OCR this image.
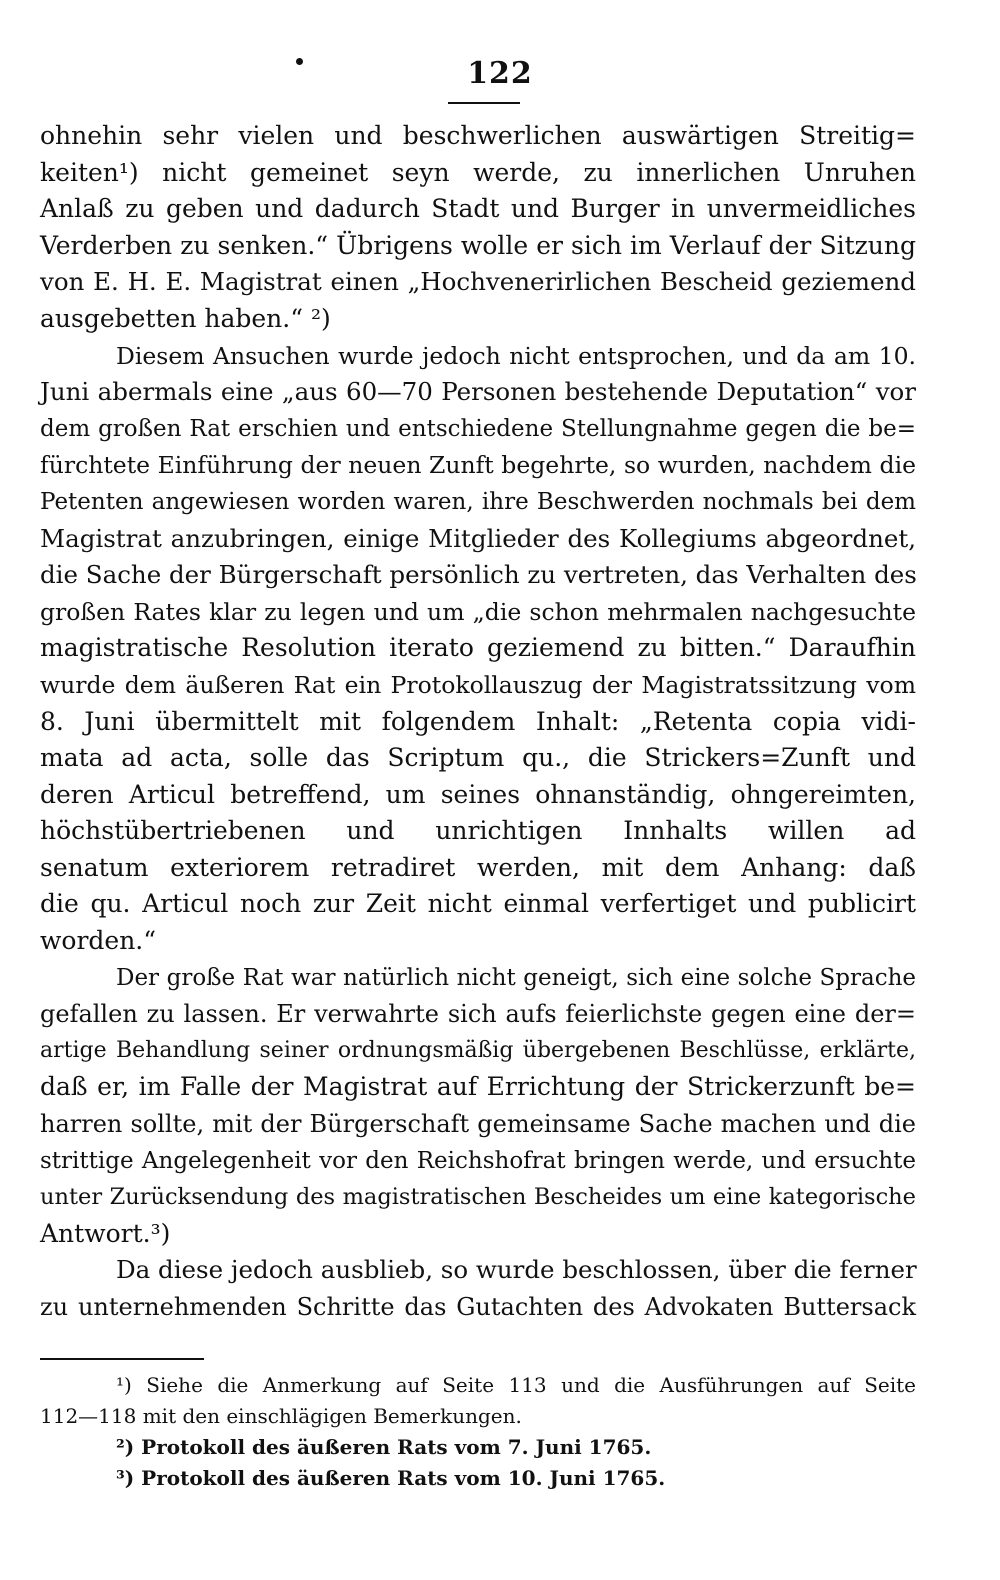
122
ohnehin sehr vielen und beschwerlichen auswärtigen Streitig=
keiten¹) nicht gemeinet seyn werde, zu innerlichen Unruhen
Anlaß zu geben und dadurch Stadt und Burger in unvermeidliches
Verderben zu senken.“ Übrigens wolle er sich im Verlauf der Sitzung
von E. H. E. Magistrat einen „Hochvenerirlichen Bescheid geziemend
ausgebetten haben.“ ²)
Diesem Ansuchen wurde jedoch nicht entsprochen, und da am 10.
Juni abermals eine „aus 60—70 Personen bestehende Deputation“ vor
dem großen Rat erschien und entschiedene Stellungnahme gegen die be=
fürchtete Einführung der neuen Zunft begehrte, so wurden, nachdem die
Petenten angewiesen worden waren, ihre Beschwerden nochmals bei dem
Magistrat anzubringen, einige Mitglieder des Kollegiums abgeordnet,
die Sache der Bürgerschaft persönlich zu vertreten, das Verhalten des
großen Rates klar zu legen und um „die schon mehrmalen nachgesuchte
magistratische Resolution iterato geziemend zu bitten.“ Daraufhin
wurde dem äußeren Rat ein Protokollauszug der Magistratssitzung vom
8. Juni übermittelt mit folgendem Inhalt: „Retenta copia vidi-
mata ad acta, solle das Scriptum qu., die Strickers=Zunft und
deren Articul betreffend, um seines ohnanständig, ohngereimten,
höchstübertriebenen und unrichtigen Innhalts willen ad
senatum exteriorem retradiret werden, mit dem Anhang: daß
die qu. Articul noch zur Zeit nicht einmal verfertiget und publicirt
worden.“
Der große Rat war natürlich nicht geneigt, sich eine solche Sprache
gefallen zu lassen. Er verwahrte sich aufs feierlichste gegen eine der=
artige Behandlung seiner ordnungsmäßig übergebenen Beschlüsse, erklärte,
daß er, im Falle der Magistrat auf Errichtung der Strickerzunft be=
harren sollte, mit der Bürgerschaft gemeinsame Sache machen und die
strittige Angelegenheit vor den Reichshofrat bringen werde, und ersuchte
unter Zurücksendung des magistratischen Bescheides um eine kategorische
Antwort.³)
Da diese jedoch ausblieb, so wurde beschlossen, über die ferner
zu unternehmenden Schritte das Gutachten des Advokaten Buttersack
¹) Siehe die Anmerkung auf Seite 113 und die Ausführungen auf Seite
112—118 mit den einschlägigen Bemerkungen.
²) Protokoll des äußeren Rats vom 7. Juni 1765.
³) Protokoll des äußeren Rats vom 10. Juni 1765.
